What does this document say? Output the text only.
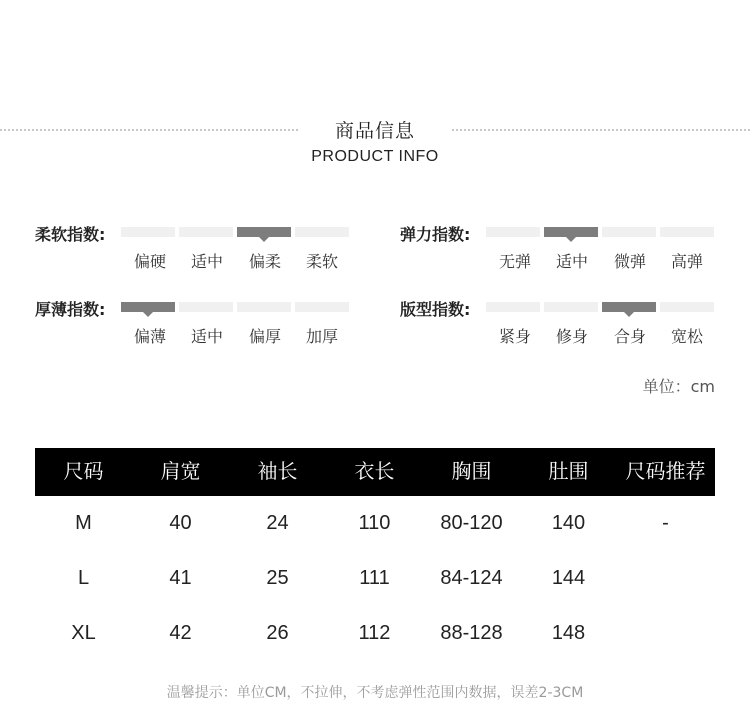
商品信息
PRODUCT INFO
柔软指数:
偏硬	适中	偏柔	柔软
弹力指数:
无弹	适中	微弹	高弹
厚薄指数:
偏薄	适中	偏厚	加厚
版型指数:
紧身	修身	合身	宽松
单位：cm
尺码	肩宽	袖长	衣长	胸围	肚围	尺码推荐
M	40	24	110	80-120	140	-
L	41	25	111	84-124	144
XL	42	26	112	88-128	148
温馨提示：单位CM，不拉伸，不考虑弹性范围内数据，误差2-3CM
